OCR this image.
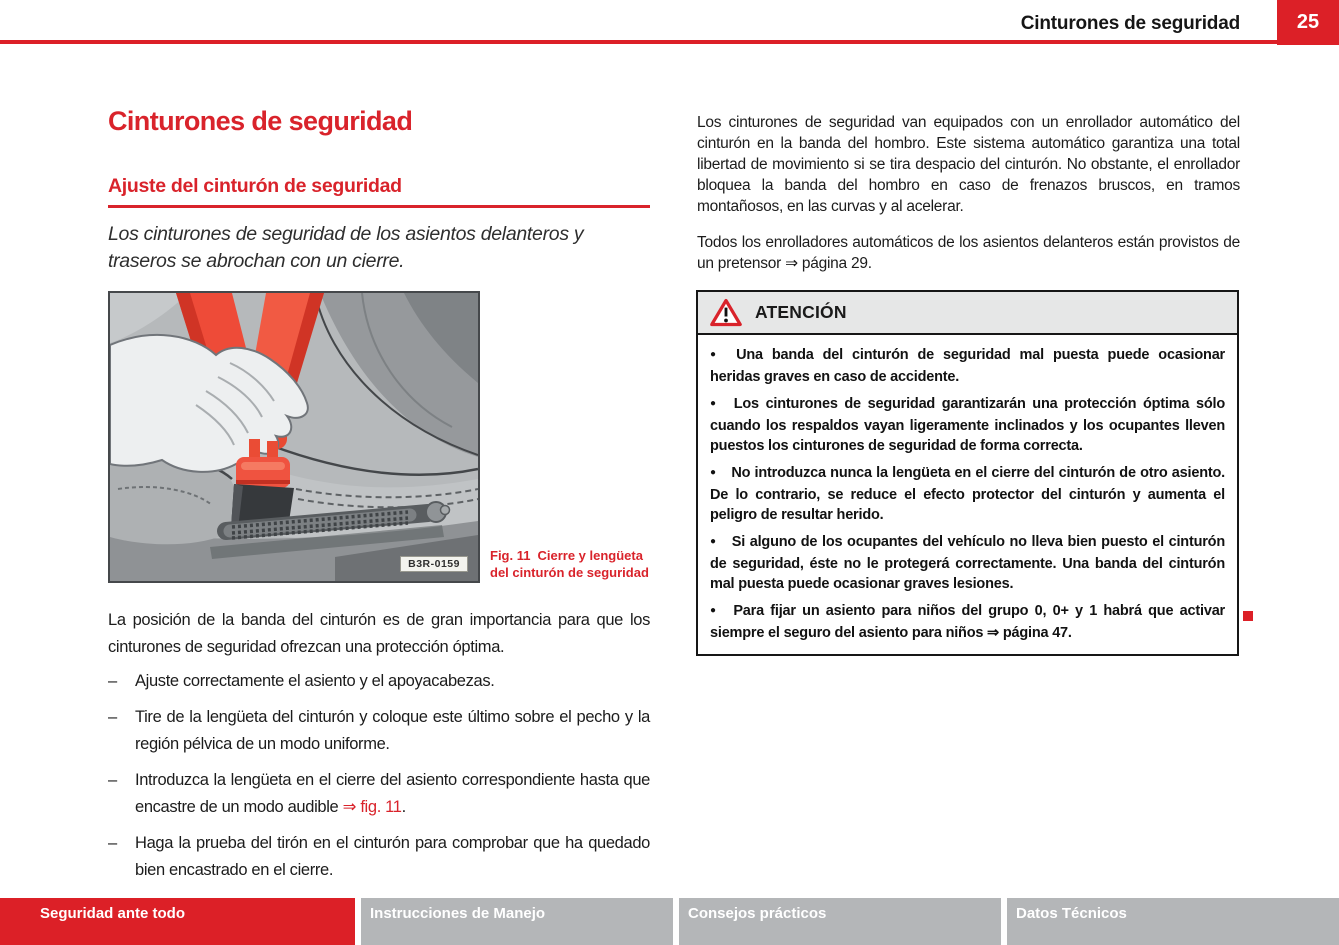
Cinturones de seguridad	25
Cinturones de seguridad
Ajuste del cinturón de seguridad
Los cinturones de seguridad de los asientos delanteros y traseros se abrochan con un cierre.
B3R-0159
Fig. 11 Cierre y lengüeta del cinturón de seguridad

La posición de la banda del cinturón es de gran importancia para que los cinturones de seguridad ofrezcan una protección óptima.

–	Ajuste correctamente el asiento y el apoyacabezas.
–	Tire de la lengüeta del cinturón y coloque este último sobre el pecho y la región pélvica de un modo uniforme.
–	Introduzca la lengüeta en el cierre del asiento correspondiente hasta que encastre de un modo audible ⇒ fig. 11.
–	Haga la prueba del tirón en el cinturón para comprobar que ha quedado bien encastrado en el cierre.

Los cinturones de seguridad van equipados con un enrollador automático del cinturón en la banda del hombro. Este sistema automático garantiza una total libertad de movimiento si se tira despacio del cinturón. No obstante, el enrollador bloquea la banda del hombro en caso de frenazos bruscos, en tramos montañosos, en las curvas y al acelerar.

Todos los enrolladores automáticos de los asientos delanteros están provistos de un pretensor ⇒ página 29.

ATENCIÓN

● Una banda del cinturón de seguridad mal puesta puede ocasionar heridas graves en caso de accidente.

● Los cinturones de seguridad garantizarán una protección óptima sólo cuando los respaldos vayan ligeramente inclinados y los ocupantes lleven puestos los cinturones de seguridad de forma correcta.

● No introduzca nunca la lengüeta en el cierre del cinturón de otro asiento. De lo contrario, se reduce el efecto protector del cinturón y aumenta el peligro de resultar herido.

● Si alguno de los ocupantes del vehículo no lleva bien puesto el cinturón de seguridad, éste no le protegerá correctamente. Una banda del cinturón mal puesta puede ocasionar graves lesiones.

● Para fijar un asiento para niños del grupo 0, 0+ y 1 habrá que activar siempre el seguro del asiento para niños ⇒ página 47.

Seguridad ante todo	Instrucciones de Manejo	Consejos prácticos	Datos Técnicos
